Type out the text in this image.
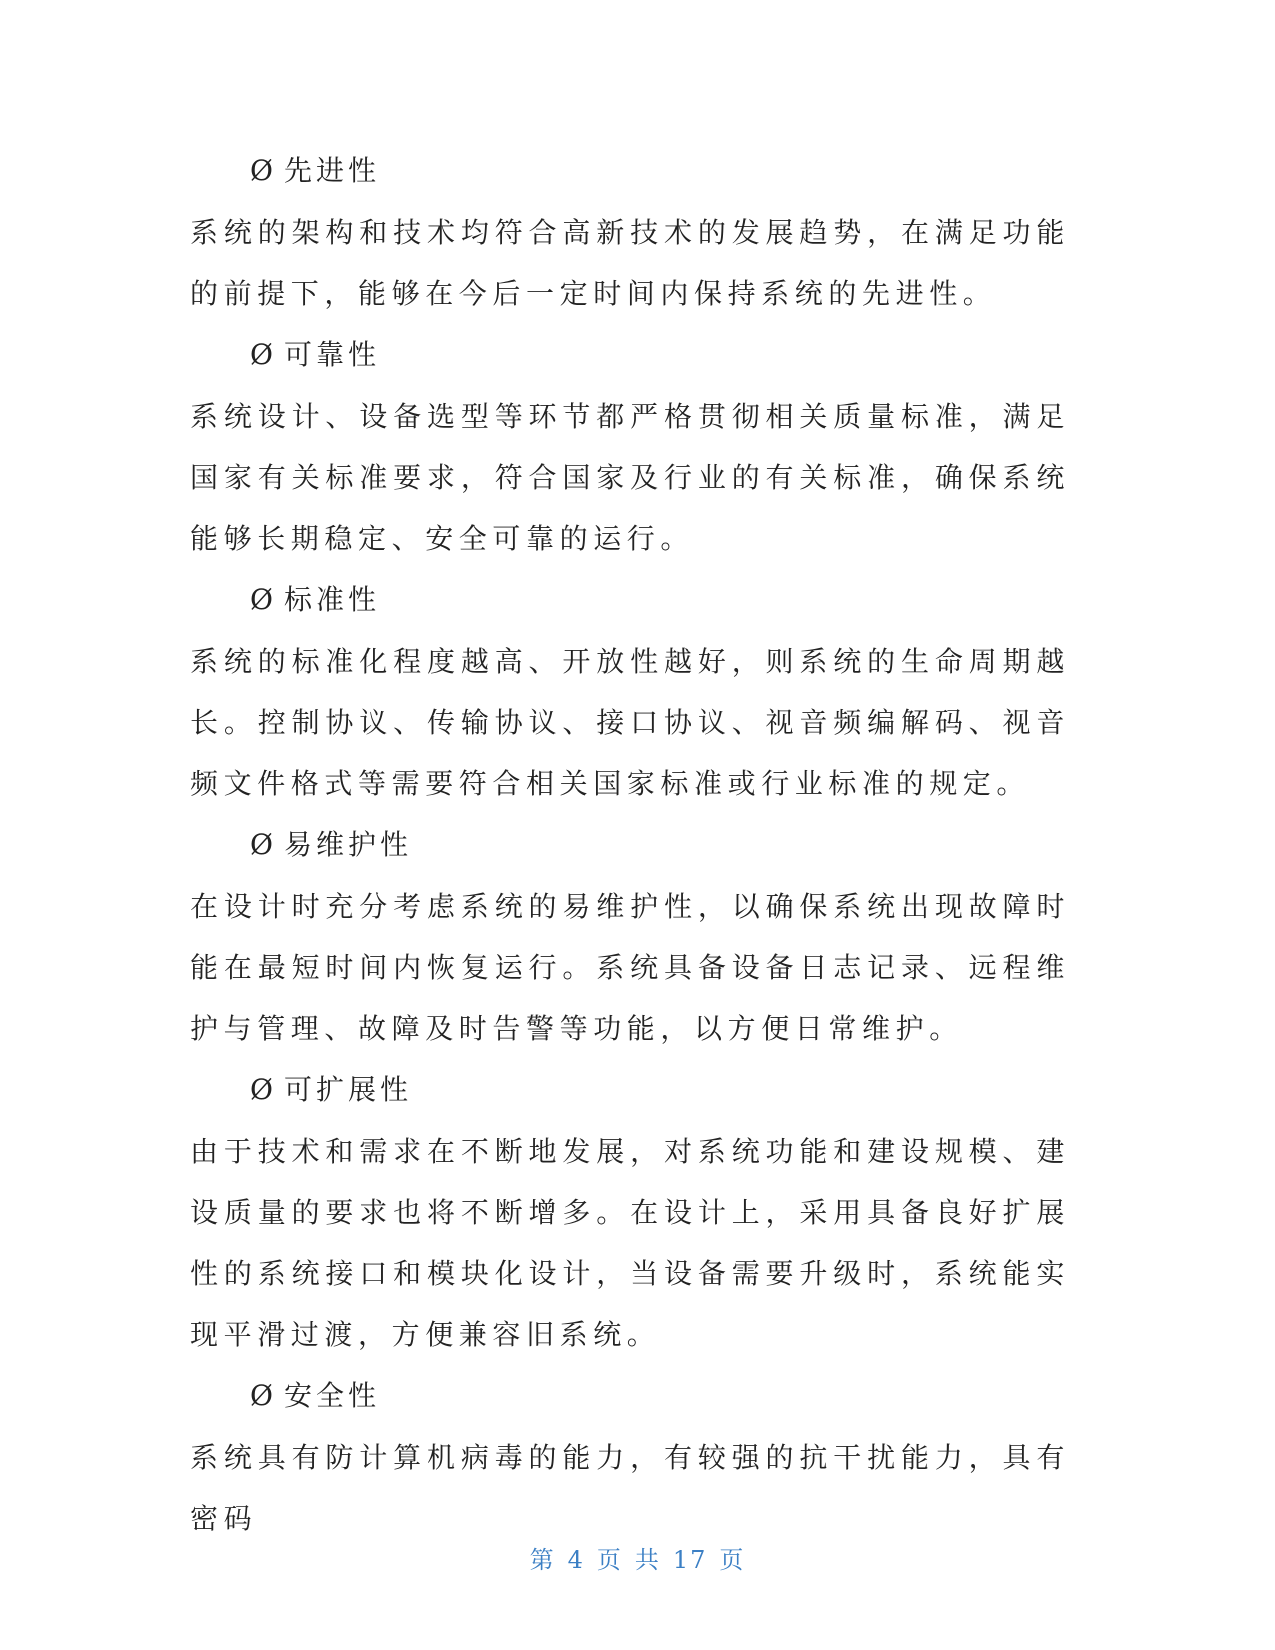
Ø 先进性

系统的架构和技术均符合高新技术的发展趋势，在满足功能的前提下，能够在今后一定时间内保持系统的先进性。

Ø 可靠性

系统设计、设备选型等环节都严格贯彻相关质量标准，满足国家有关标准要求，符合国家及行业的有关标准，确保系统能够长期稳定、安全可靠的运行。

Ø 标准性

系统的标准化程度越高、开放性越好，则系统的生命周期越长。控制协议、传输协议、接口协议、视音频编解码、视音频文件格式等需要符合相关国家标准或行业标准的规定。

Ø 易维护性

在设计时充分考虑系统的易维护性，以确保系统出现故障时能在最短时间内恢复运行。系统具备设备日志记录、远程维护与管理、故障及时告警等功能，以方便日常维护。

Ø 可扩展性

由于技术和需求在不断地发展，对系统功能和建设规模、建设质量的要求也将不断增多。在设计上，采用具备良好扩展性的系统接口和模块化设计，当设备需要升级时，系统能实现平滑过渡，方便兼容旧系统。

Ø 安全性

系统具有防计算机病毒的能力，有较强的抗干扰能力，具有密码

第 4 页 共 17 页
